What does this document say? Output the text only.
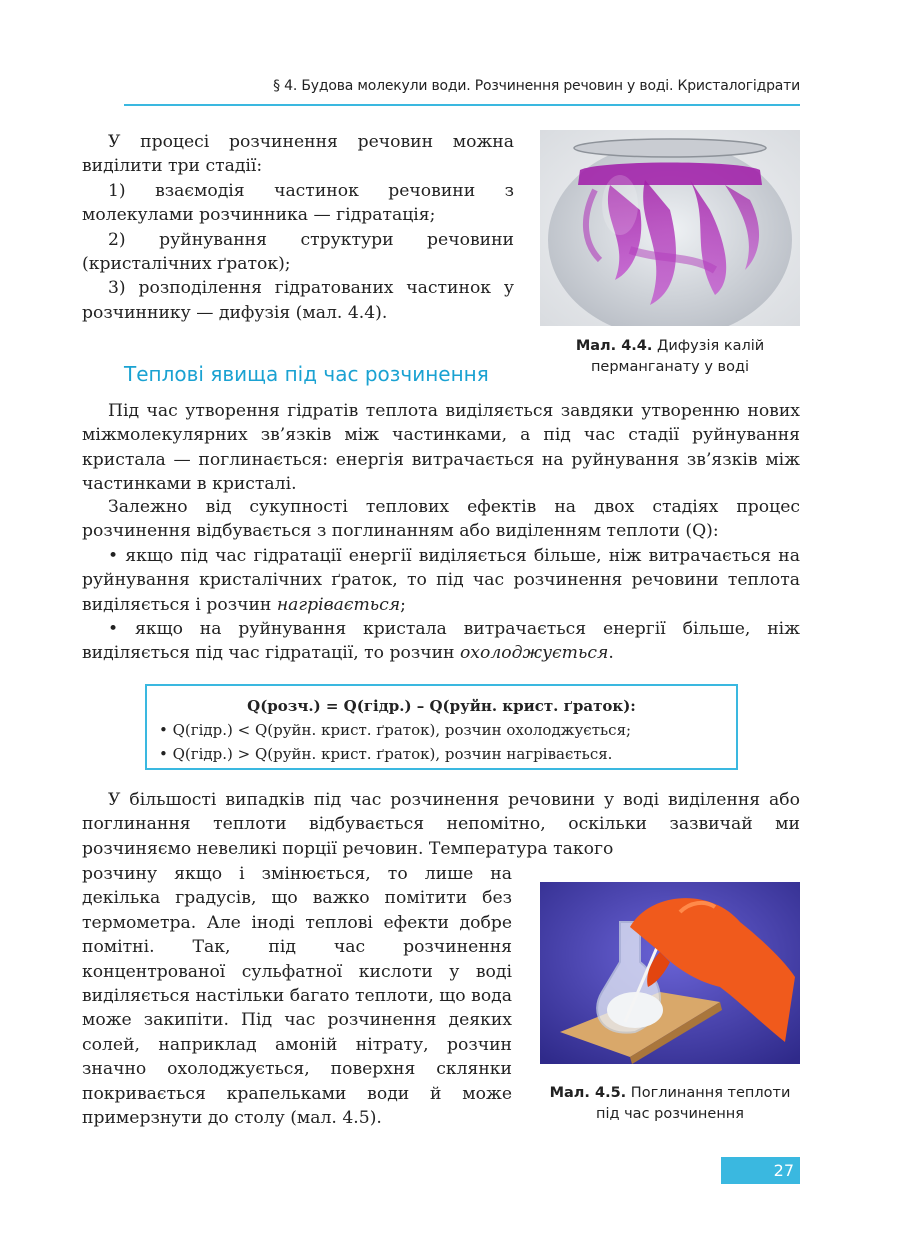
§ 4. Будова молекули води. Розчинення речовин у воді. Кристалогідрати
У процесі розчинення речовин можна виділити три стадії:
1) взаємодія частинок речовини з молекулами розчинника — гідратація;
2) руйнування структури речовини (кристалічних ґраток);
3) розподілення гідратованих частинок у розчиннику — дифузія (мал. 4.4).
Мал. 4.4. Дифузія калій перманганату у воді
Теплові явища під час розчинення

Під час утворення гідратів теплота виділяється завдяки утворенню нових міжмолекулярних зв’язків між частинками, а під час стадії руйнування кристала — поглинається: енергія витрачається на руйнування зв’язків між частинками в кристалі.

Залежно від сукупності теплових ефектів на двох стадіях процес розчинення відбувається з поглинанням або виділенням теплоти (Q):
• якщо під час гідратації енергії виділяється більше, ніж витрачається на руйнування кристалічних ґраток, то під час розчинення речовини теплота виділяється і розчин нагрівається;
• якщо на руйнування кристала витрачається енергії більше, ніж виділяється під час гідратації, то розчин охолоджується.
Q(розч.) = Q(гідр.) – Q(руйн. крист. ґраток):
• Q(гідр.) < Q(руйн. крист. ґраток), розчин охолоджується;
• Q(гідр.) > Q(руйн. крист. ґраток), розчин нагрівається.

У більшості випадків під час розчинення речовини у воді виділення або поглинання теплоти відбувається непомітно, оскільки зазвичай ми розчиняємо невеликі порції речовин. Температура такого

розчину якщо і змінюється, то лише на декілька градусів, що важко помітити без термометра. Але іноді теплові ефекти добре помітні. Так, під час розчинення концентрованої сульфатної кислоти у воді виділяється настільки багато теплоти, що вода може закипіти. Під час розчинення деяких солей, наприклад амоній нітрату, розчин значно охолоджується, поверхня склянки покривається крапельками води й може примерзнути до столу (мал. 4.5).

Мал. 4.5. Поглинання теплоти під час розчинення
27
